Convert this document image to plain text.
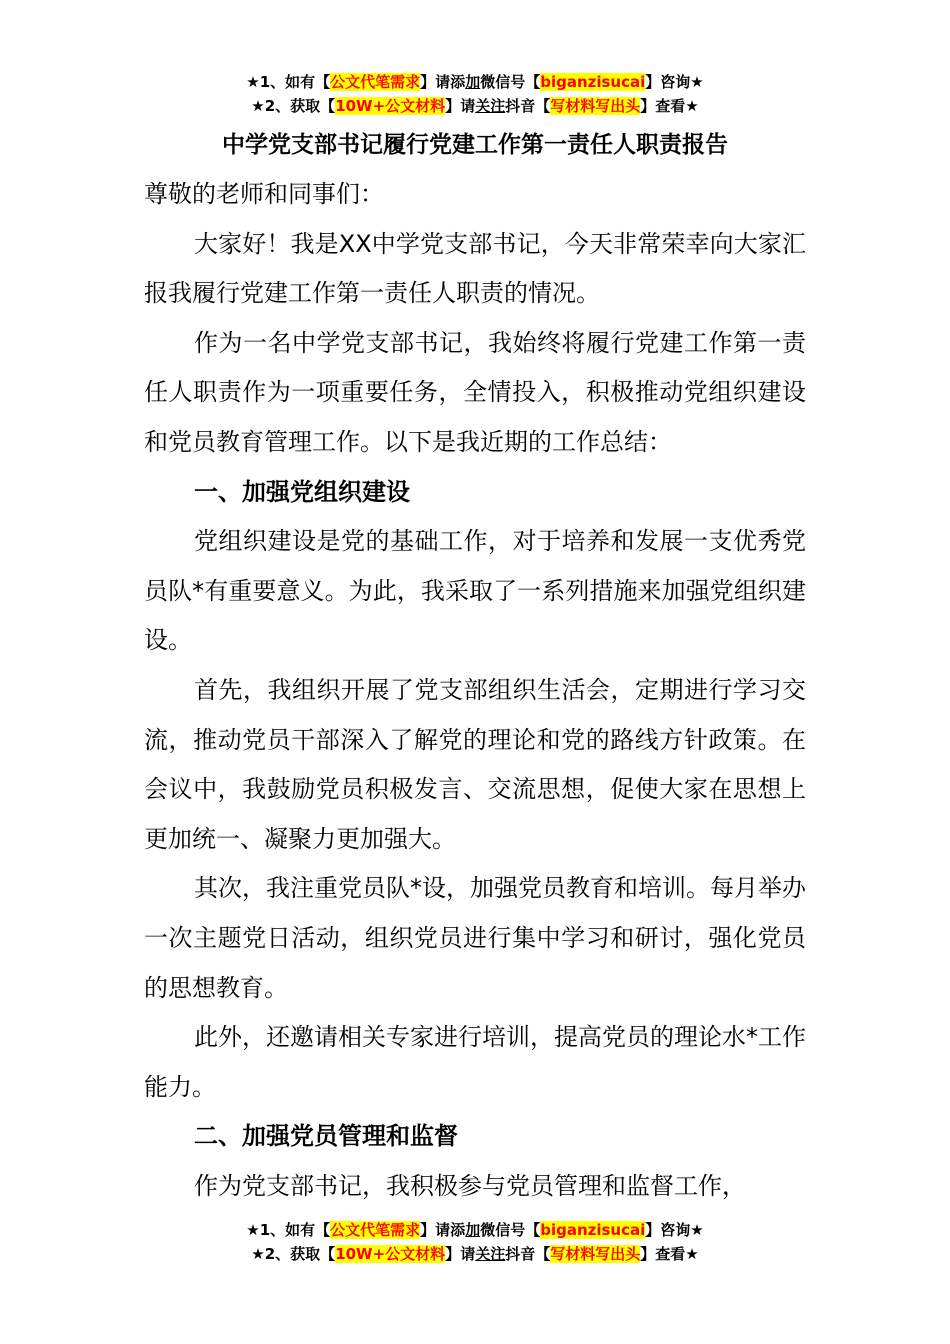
★1、如有【公文代笔需求】请添加微信号【biganzisucai】咨询★
★2、获取【10W+公文材料】请关注抖音【写材料写出头】查看★
中学党支部书记履行党建工作第一责任人职责报告

尊敬的老师和同事们：

大家好！我是XX中学党支部书记，今天非常荣幸向大家汇报我履行党建工作第一责任人职责的情况。

作为一名中学党支部书记，我始终将履行党建工作第一责任人职责作为一项重要任务，全情投入，积极推动党组织建设和党员教育管理工作。以下是我近期的工作总结：

一、加强党组织建设

党组织建设是党的基础工作，对于培养和发展一支优秀党员队*有重要意义。为此，我采取了一系列措施来加强党组织建设。

首先，我组织开展了党支部组织生活会，定期进行学习交流，推动党员干部深入了解党的理论和党的路线方针政策。在会议中，我鼓励党员积极发言、交流思想，促使大家在思想上更加统一、凝聚力更加强大。

其次，我注重党员队*设，加强党员教育和培训。每月举办一次主题党日活动，组织党员进行集中学习和研讨，强化党员的思想教育。

此外，还邀请相关专家进行培训，提高党员的理论水*工作能力。

二、加强党员管理和监督

作为党支部书记，我积极参与党员管理和监督工作，

★1、如有【公文代笔需求】请添加微信号【biganzisucai】咨询★
★2、获取【10W+公文材料】请关注抖音【写材料写出头】查看★
